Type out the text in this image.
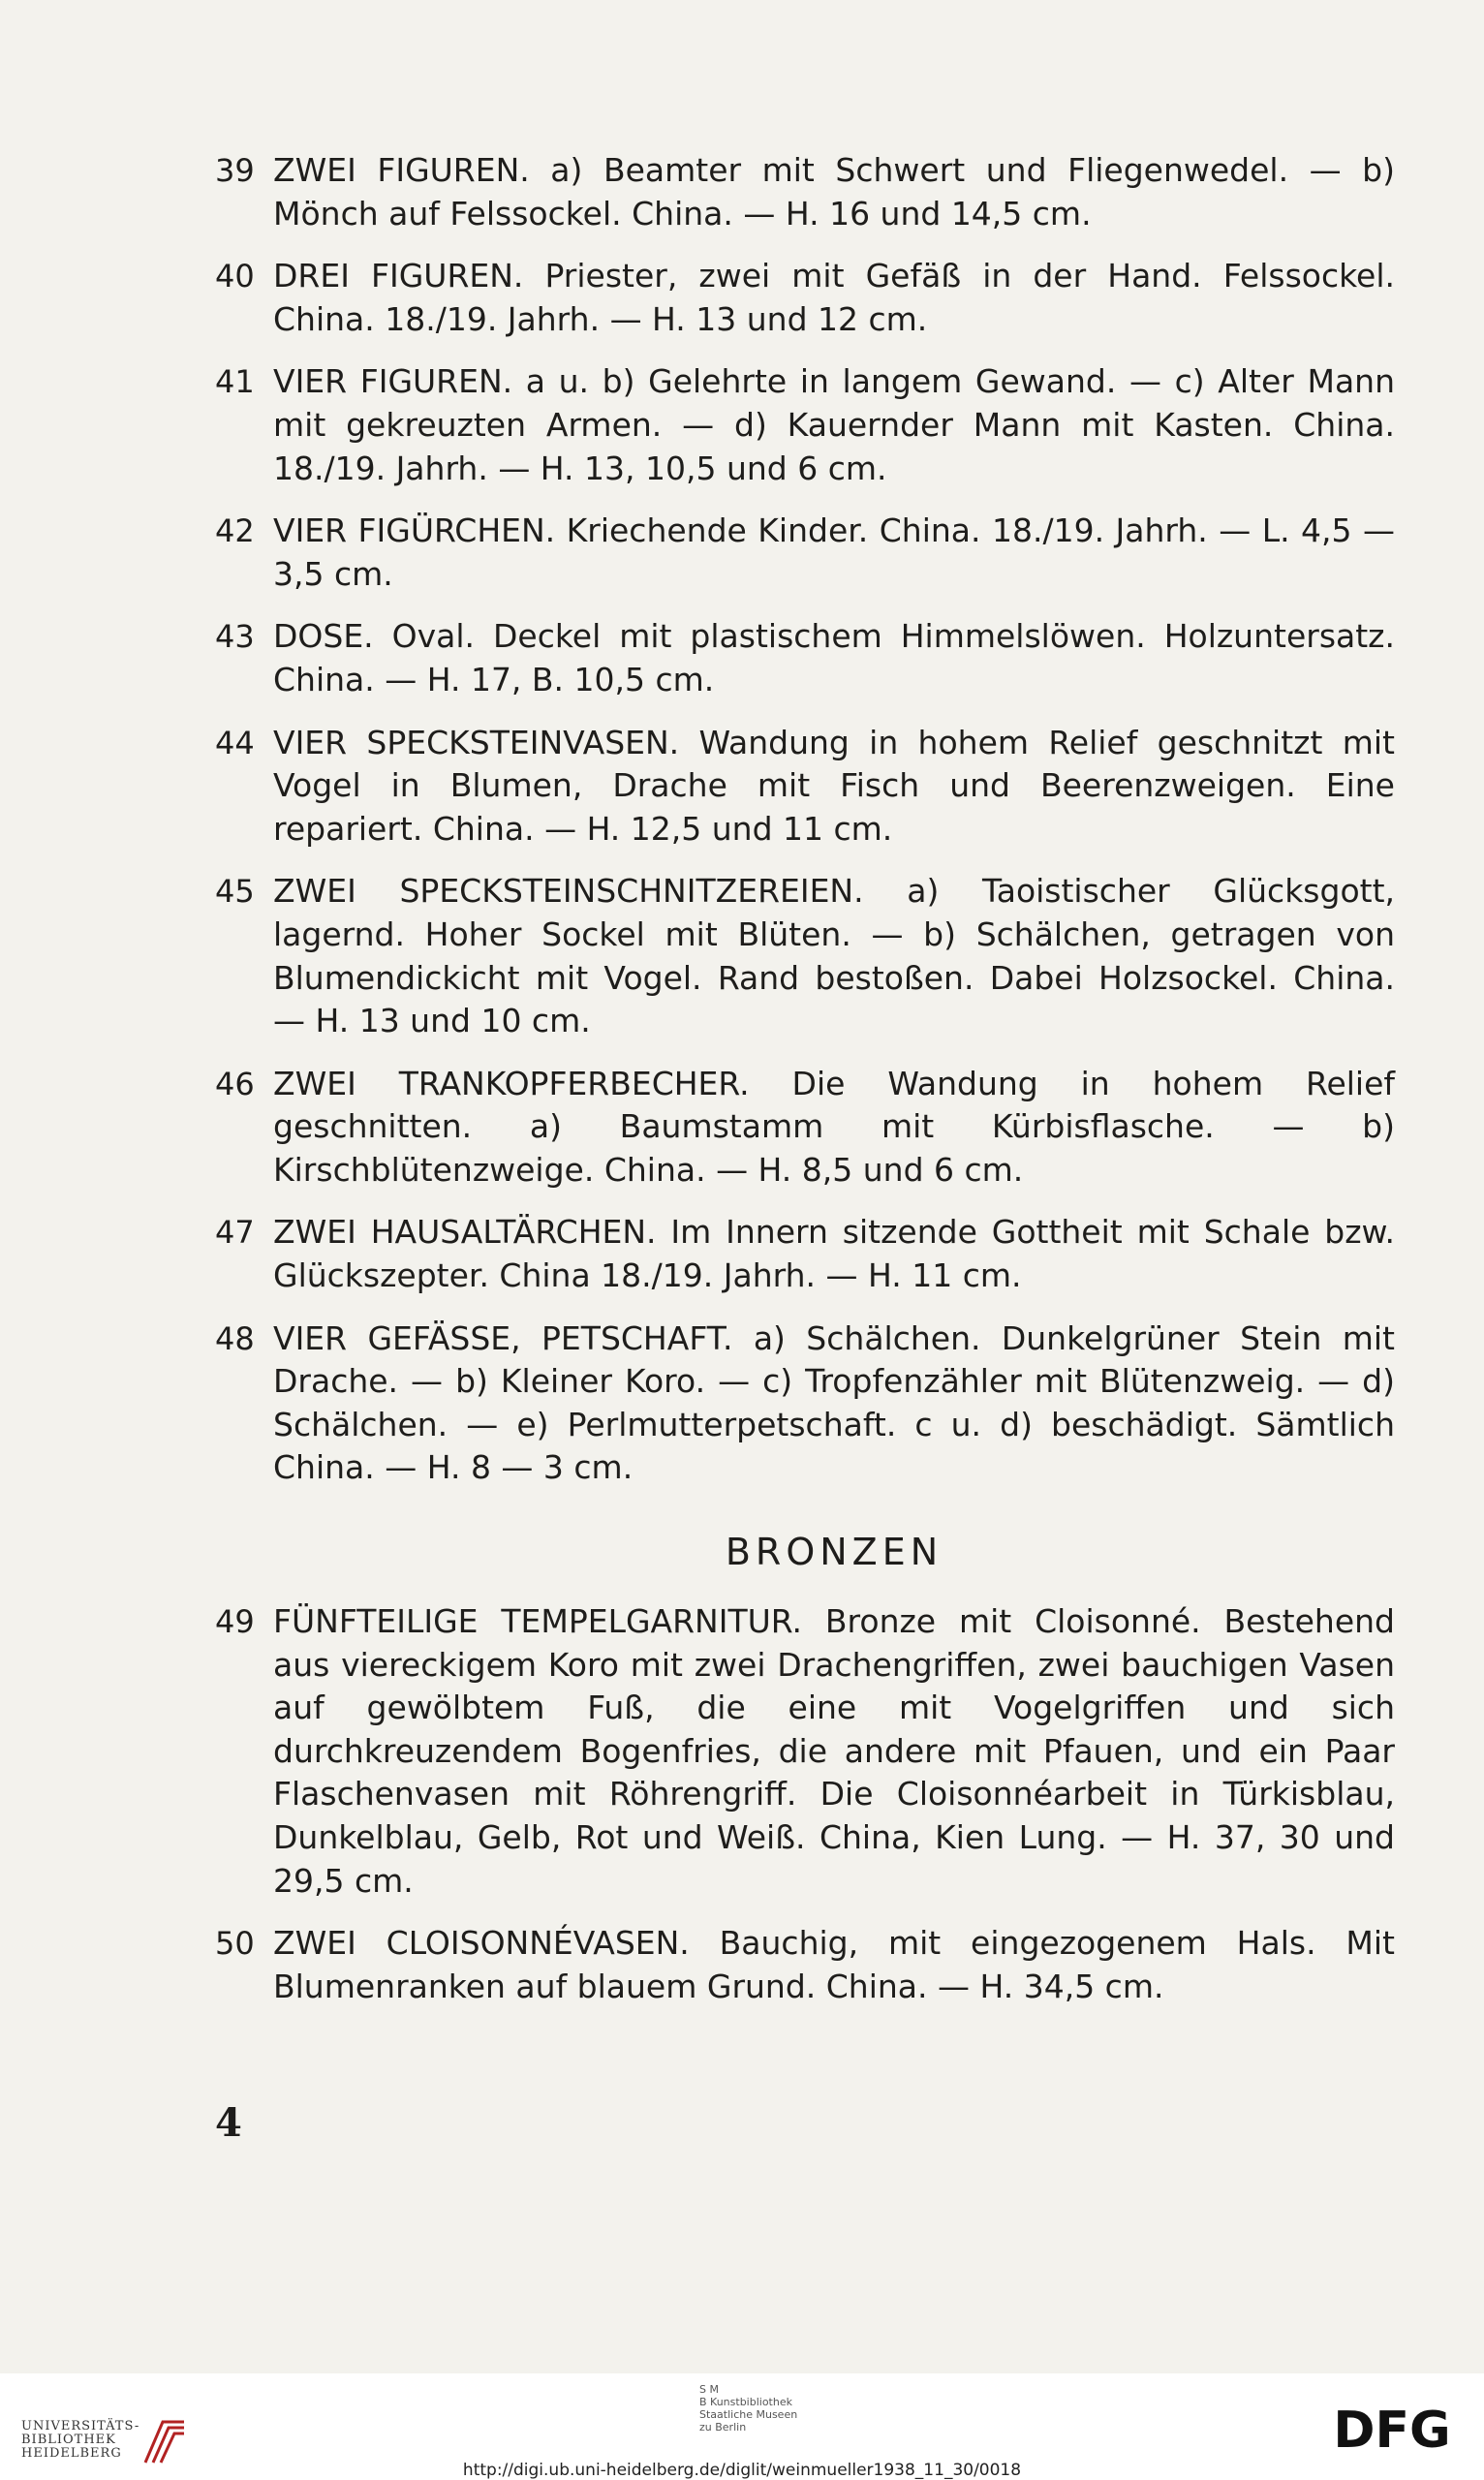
39 ZWEI FIGUREN. a) Beamter mit Schwert und Fliegenwedel. — b) Mönch auf Felssockel. China. — H. 16 und 14,5 cm.
40 DREI FIGUREN. Priester, zwei mit Gefäß in der Hand. Felssockel. China. 18./19. Jahrh. — H. 13 und 12 cm.
41 VIER FIGUREN. a u. b) Gelehrte in langem Gewand. — c) Alter Mann mit gekreuzten Armen. — d) Kauernder Mann mit Kasten. China. 18./19. Jahrh. — H. 13, 10,5 und 6 cm.
42 VIER FIGÜRCHEN. Kriechende Kinder. China. 18./19. Jahrh. — L. 4,5 — 3,5 cm.
43 DOSE. Oval. Deckel mit plastischem Himmelslöwen. Holzuntersatz. China. — H. 17, B. 10,5 cm.
44 VIER SPECKSTEINVASEN. Wandung in hohem Relief geschnitzt mit Vogel in Blumen, Drache mit Fisch und Beerenzweigen. Eine repariert. China. — H. 12,5 und 11 cm.
45 ZWEI SPECKSTEINSCHNITZEREIEN. a) Taoistischer Glücksgott, lagernd. Hoher Sockel mit Blüten. — b) Schälchen, getragen von Blumendickicht mit Vogel. Rand bestoßen. Dabei Holzsockel. China. — H. 13 und 10 cm.
46 ZWEI TRANKOPFERBECHER. Die Wandung in hohem Relief geschnitten. a) Baumstamm mit Kürbisflasche. — b) Kirschblütenzweige. China. — H. 8,5 und 6 cm.
47 ZWEI HAUSALTÄRCHEN. Im Innern sitzende Gottheit mit Schale bzw. Glückszepter. China 18./19. Jahrh. — H. 11 cm.
48 VIER GEFÄSSE, PETSCHAFT. a) Schälchen. Dunkelgrüner Stein mit Drache. — b) Kleiner Koro. — c) Tropfenzähler mit Blütenzweig. — d) Schälchen. — e) Perlmutterpetschaft. c u. d) beschädigt. Sämtlich China. — H. 8 — 3 cm.
BRONZEN
49 FÜNFTEILIGE TEMPELGARNITUR. Bronze mit Cloisonné. Bestehend aus viereckigem Koro mit zwei Drachengriffen, zwei bauchigen Vasen auf gewölbtem Fuß, die eine mit Vogelgriffen und sich durchkreuzendem Bogenfries, die andere mit Pfauen, und ein Paar Flaschenvasen mit Röhrengriff. Die Cloisonnéarbeit in Türkisblau, Dunkelblau, Gelb, Rot und Weiß. China, Kien Lung. — H. 37, 30 und 29,5 cm.
50 ZWEI CLOISONNÉVASEN. Bauchig, mit eingezogenem Hals. Mit Blumenranken auf blauem Grund. China. — H. 34,5 cm.
4
UNIVERSITÄTS-
BIBLIOTHEK
HEIDELBERG
S M
B Kunstbibliothek
Staatliche Museen
zu Berlin	DFG
http://digi.ub.uni-heidelberg.de/diglit/weinmueller1938_11_30/0018
